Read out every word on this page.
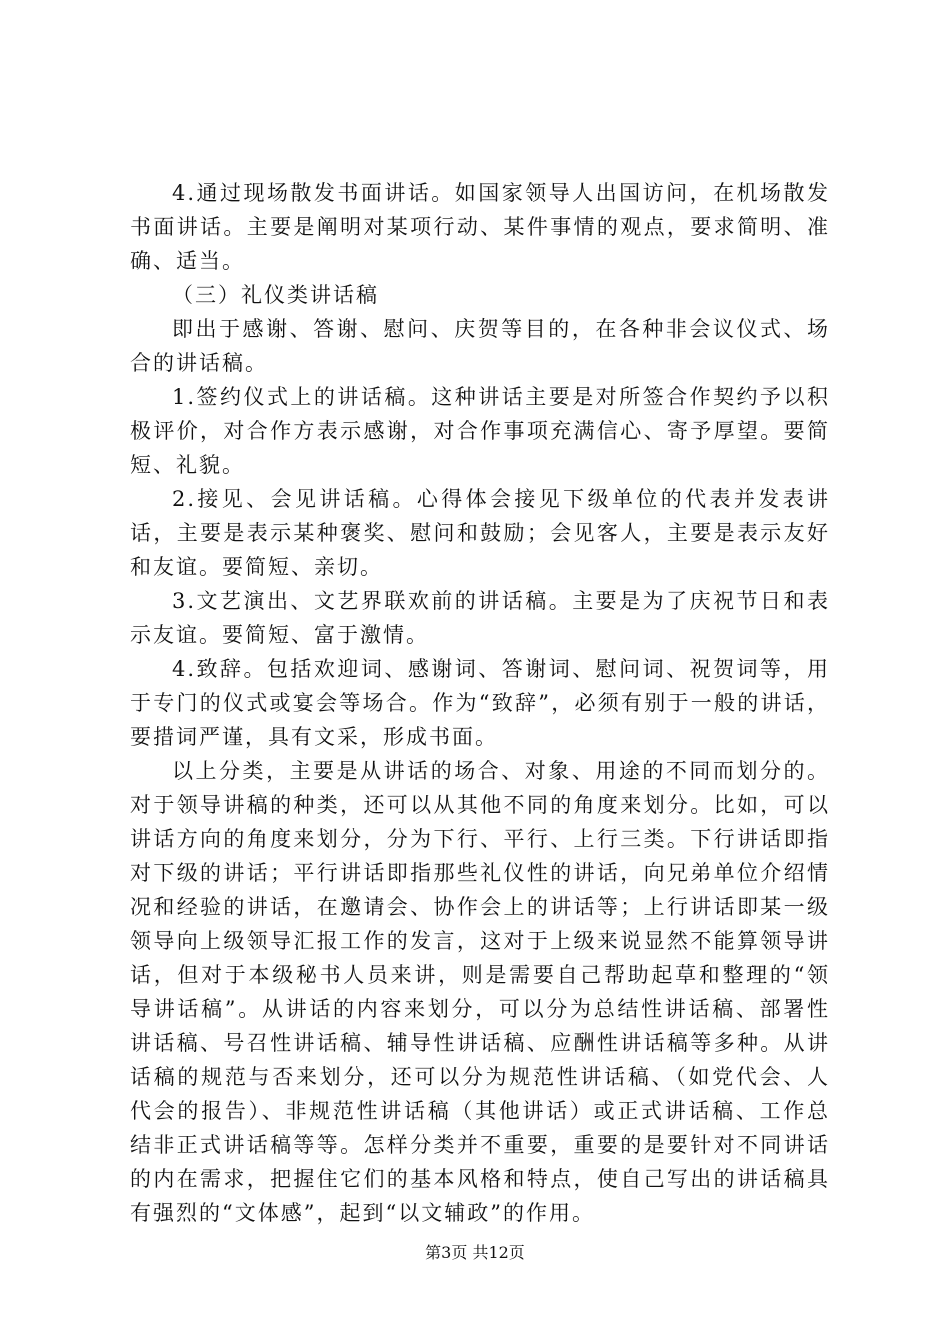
4.通过现场散发书面讲话。如国家领导人出国访问，在机场散发书面讲话。主要是阐明对某项行动、某件事情的观点，要求简明、准确、适当。

（三）礼仪类讲话稿

即出于感谢、答谢、慰问、庆贺等目的，在各种非会议仪式、场合的讲话稿。

1.签约仪式上的讲话稿。这种讲话主要是对所签合作契约予以积极评价，对合作方表示感谢，对合作事项充满信心、寄予厚望。要简短、礼貌。

2.接见、会见讲话稿。心得体会接见下级单位的代表并发表讲话，主要是表示某种褒奖、慰问和鼓励；会见客人，主要是表示友好和友谊。要简短、亲切。

3.文艺演出、文艺界联欢前的讲话稿。主要是为了庆祝节日和表示友谊。要简短、富于激情。

4.致辞。包括欢迎词、感谢词、答谢词、慰问词、祝贺词等，用于专门的仪式或宴会等场合。作为“致辞”，必须有别于一般的讲话，要措词严谨，具有文采，形成书面。

以上分类，主要是从讲话的场合、对象、用途的不同而划分的。对于领导讲稿的种类，还可以从其他不同的角度来划分。比如，可以讲话方向的角度来划分，分为下行、平行、上行三类。下行讲话即指对下级的讲话；平行讲话即指那些礼仪性的讲话，向兄弟单位介绍情况和经验的讲话，在邀请会、协作会上的讲话等；上行讲话即某一级领导向上级领导汇报工作的发言，这对于上级来说显然不能算领导讲话，但对于本级秘书人员来讲，则是需要自己帮助起草和整理的“领导讲话稿”。从讲话的内容来划分，可以分为总结性讲话稿、部署性讲话稿、号召性讲话稿、辅导性讲话稿、应酬性讲话稿等多种。从讲话稿的规范与否来划分，还可以分为规范性讲话稿、（如党代会、人代会的报告）、非规范性讲话稿（其他讲话）或正式讲话稿、工作总结非正式讲话稿等等。怎样分类并不重要，重要的是要针对不同讲话的内在需求，把握住它们的基本风格和特点，使自己写出的讲话稿具有强烈的“文体感”，起到“以文辅政”的作用。

第3页 共12页
